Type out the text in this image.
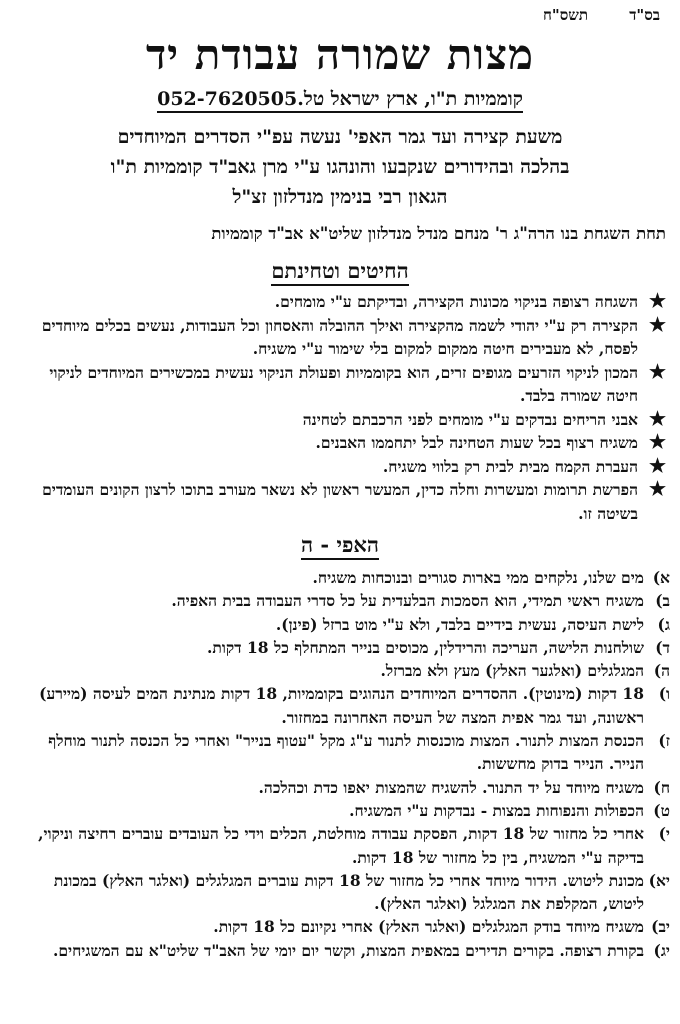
בס"ד
תשס"ח
מצות שמורה עבודת יד
קוממיות ת"ו, ארץ ישראל טל.052-7620505
משעת קצירה ועד גמר האפי' נעשה עפ"י הסדרים המיוחדים
בהלכה ובהידורים שנקבעו והונהגו ע"י מרן גאב"ד קוממיות ת"ו
הגאון רבי בנימין מנדלזון זצ"ל
תחת השגחת בנו הרה"ג ר' מנחם מנדל מנדלזון שליט"א אב"ד קוממיות
החיטים וטחינתם
★
השגחה רצופה בניקוי מכונות הקצירה, ובדיקתם ע"י מומחים.
★
הקצירה רק ע"י יהודי לשמה מהקצירה ואילך ההובלה והאסחון וכל העבודות, נעשים בכלים מיוחדים לפסח, לא מעבירים חיטה ממקום למקום בלי שימור ע"י משגיח.
★
המכון לניקוי הזרעים מגופים זרים, הוא בקוממיות ופעולת הניקוי נעשית במכשירים המיוחדים לניקוי חיטה שמורה בלבד.
★
אבני הריחים נבדקים ע"י מומחים לפני הרכבתם לטחינה
★
משגיח רצוף בכל שעות הטחינה לבל יתחממו האבנים.
★
העברת הקמח מבית לבית רק בלווי משגיח.
★
הפרשת תרומות ומעשרות וחלה כדין, המעשר ראשון לא נשאר מעורב בתוכו לרצון הקונים העומדים בשיטה זו.
האפי - ה
א)
מים שלנו, נלקחים ממי בארות סגורים ובנוכחות משגיח.
ב)
משגיח ראשי תמידי, הוא הסמכות הבלעדית על כל סדרי העבודה בבית האפיה.
ג)
לישת העיסה, נעשית בידיים בלבד, ולא ע"י מוט ברזל (פינן).
ד)
שולחנות הלישה, העריכה והרידלין, מכוסים בנייר המתחלף כל 18 דקות.
ה)
המגלגלים (ואלגער האלץ) מעץ ולא מברזל.
ו)
18 דקות (מינוטין). ההסדרים המיוחדים הנהוגים בקוממיות, 18 דקות מנתינת המים לעיסה (מיירע) ראשונה, ועד גמר אפית המצה של העיסה האחרונה במחזור.
ז)
הכנסת המצות לתנור. המצות מוכנסות לתנור ע"ג מקל "עטוף בנייר" ואחרי כל הכנסה לתנור מוחלף הנייר. הנייר בדוק מחששות.
ח)
משגיח מיוחד על יד התנור. להשגיח שהמצות יאפו כדת וכהלכה.
ט)
הכפולות והנפוחות במצות - נבדקות ע"י המשגיח.
י)
אחרי כל מחזור של 18 דקות, הפסקת עבודה מוחלטת, הכלים וידי כל העובדים עוברים רחיצה וניקוי, בדיקה ע"י המשגיח, בין כל מחזור של 18 דקות.
יא)
מכונת ליטוש. הידור מיוחד אחרי כל מחזור של 18 דקות עוברים המגלגלים (ואלגר האלץ) במכונת ליטוש, המקלפת את המגלגל (ואלגר האלץ).
יב)
משגיח מיוחד בודק המגלגלים (ואלגר האלץ) אחרי נקיונם כל 18 דקות.
יג)
בקורת רצופה. בקורים תדירים במאפית המצות, וקשר יום יומי של האב"ד שליט"א עם המשגיחים.
